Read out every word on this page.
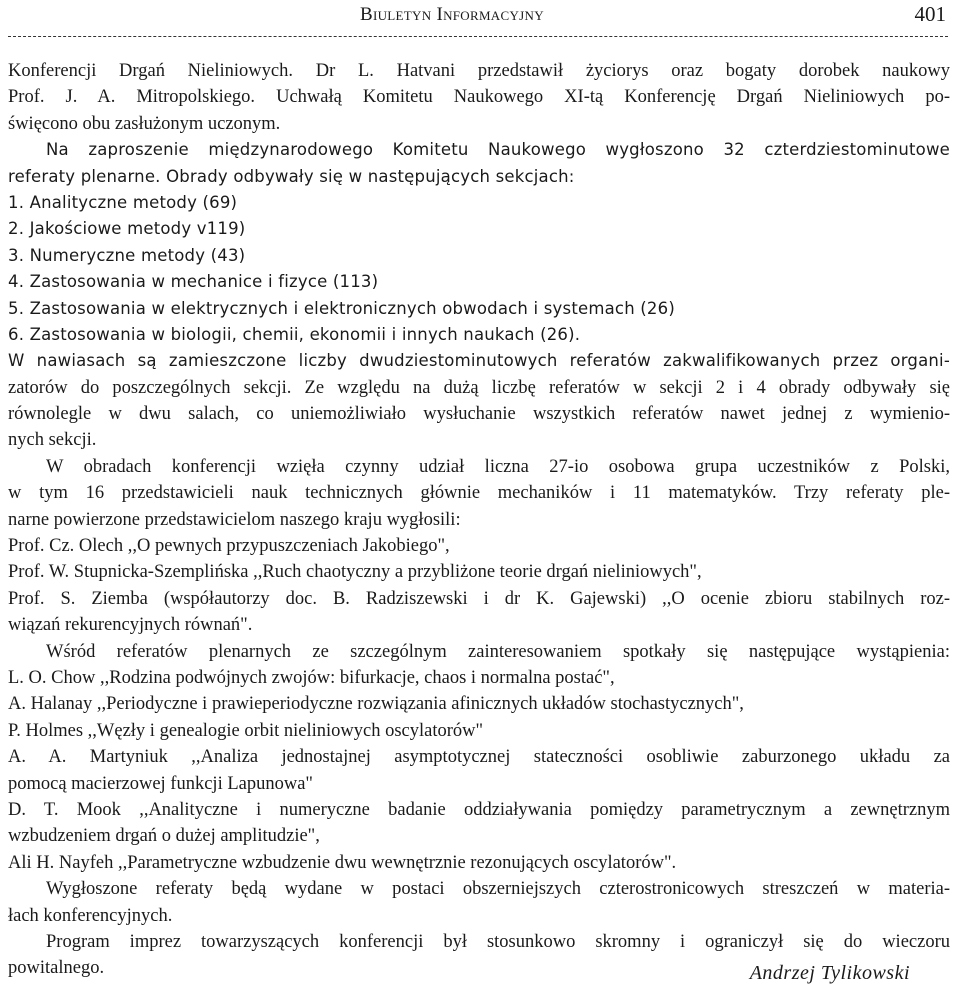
Biuletyn Informacyjny	401
Konferencji Drgań Nieliniowych. Dr L. Hatvani przedstawił życiorys oraz bogaty dorobek naukowy
Prof. J. A. Mitropolskiego. Uchwałą Komitetu Naukowego XI-tą Konferencję Drgań Nieliniowych po-
święcono obu zasłużonym uczonym.
Na zaproszenie międzynarodowego Komitetu Naukowego wygłoszono 32 czterdziestominutowe
referaty plenarne. Obrady odbywały się w następujących sekcjach:
1. Analityczne metody (69)
2. Jakościowe metody v119)
3. Numeryczne metody (43)
4. Zastosowania w mechanice i fizyce (113)
5. Zastosowania w elektrycznych i elektronicznych obwodach i systemach (26)
6. Zastosowania w biologii, chemii, ekonomii i innych naukach (26).
W nawiasach są zamieszczone liczby dwudziestominutowych referatów zakwalifikowanych przez organi-
zatorów do poszczególnych sekcji. Ze względu na dużą liczbę referatów w sekcji 2 i 4 obrady odbywały się
równolegle w dwu salach, co uniemożliwiało wysłuchanie wszystkich referatów nawet jednej z wymienio-
nych sekcji.
W obradach konferencji wzięła czynny udział liczna 27-io osobowa grupa uczestników z Polski,
w tym 16 przedstawicieli nauk technicznych głównie mechaników i 11 matematyków. Trzy referaty ple-
narne powierzone przedstawicielom naszego kraju wygłosili:
Prof. Cz. Olech ,,O pewnych przypuszczeniach Jakobiego",
Prof. W. Stupnicka-Szemplińska ,,Ruch chaotyczny a przybliżone teorie drgań nieliniowych",
Prof. S. Ziemba (współautorzy doc. B. Radziszewski i dr K. Gajewski) ,,O ocenie zbioru stabilnych roz-
wiązań rekurencyjnych równań".
Wśród referatów plenarnych ze szczególnym zainteresowaniem spotkały się następujące wystąpienia:
L. O. Chow ,,Rodzina podwójnych zwojów: bifurkacje, chaos i normalna postać",
A. Halanay ,,Periodyczne i prawieperiodyczne rozwiązania afinicznych układów stochastycznych",
P. Holmes ,,Węzły i genealogie orbit nieliniowych oscylatorów"
A. A. Martyniuk ,,Analiza jednostajnej asymptotycznej stateczności osobliwie zaburzonego układu za
pomocą macierzowej funkcji Lapunowa"
D. T. Mook ,,Analityczne i numeryczne badanie oddziaływania pomiędzy parametrycznym a zewnętrznym
wzbudzeniem drgań o dużej amplitudzie",
Ali H. Nayfeh ,,Parametryczne wzbudzenie dwu wewnętrznie rezonujących oscylatorów".
Wygłoszone referaty będą wydane w postaci obszerniejszych czterostronicowych streszczeń w materia-
łach konferencyjnych.
Program imprez towarzyszących konferencji był stosunkowo skromny i ograniczył się do wieczoru
powitalnego.	Andrzej Tylikowski
